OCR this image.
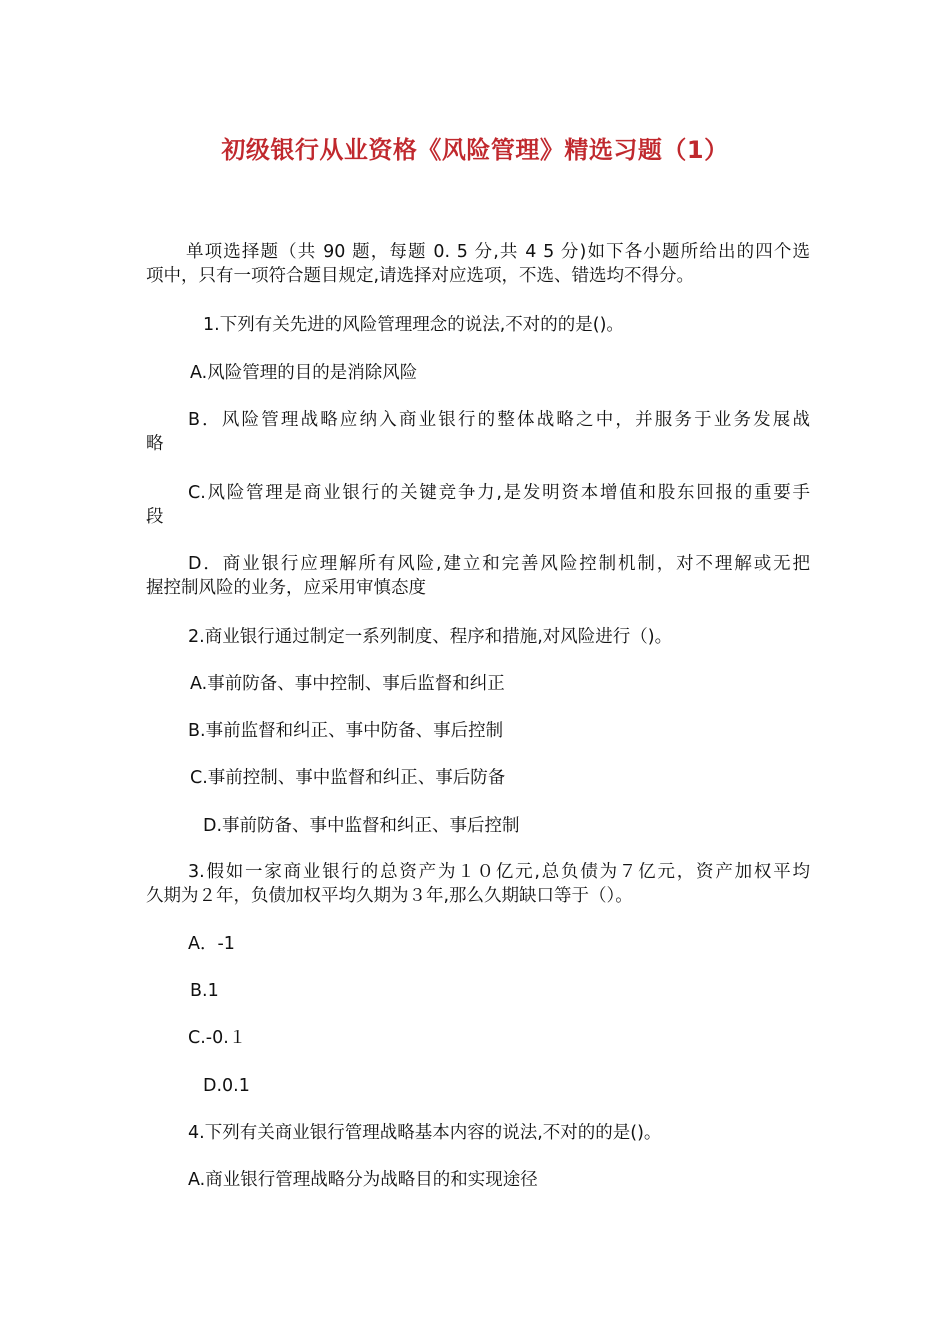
初级银行从业资格《风险管理》精选习题（1）
单项选择题（共 90 题，每题 0. 5 分,共 4 5 分)如下各小题所给出的四个选
项中，只有一项符合题目规定,请选择对应选项，不选、错选均不得分。
1.下列有关先进的风险管理理念的说法,不对的的是()。
A.风险管理的目的是消除风险
B．风险管理战略应纳入商业银行的整体战略之中，并服务于业务发展战
略
C.风险管理是商业银行的关键竞争力,是发明资本增值和股东回报的重要手
段
D．商业银行应理解所有风险,建立和完善风险控制机制，对不理解或无把
握控制风险的业务，应采用审慎态度
2.商业银行通过制定一系列制度、程序和措施,对风险进行（)。
A.事前防备、事中控制、事后监督和纠正
B.事前监督和纠正、事中防备、事后控制
C.事前控制、事中监督和纠正、事后防备
D.事前防备、事中监督和纠正、事后控制
3.假如一家商业银行的总资产为１０亿元,总负债为７亿元，资产加权平均
久期为２年，负债加权平均久期为３年,那么久期缺口等于（）。
A．-1
B.1
C.-0.１
D.0.1
4.下列有关商业银行管理战略基本内容的说法,不对的的是()。
A.商业银行管理战略分为战略目的和实现途径
